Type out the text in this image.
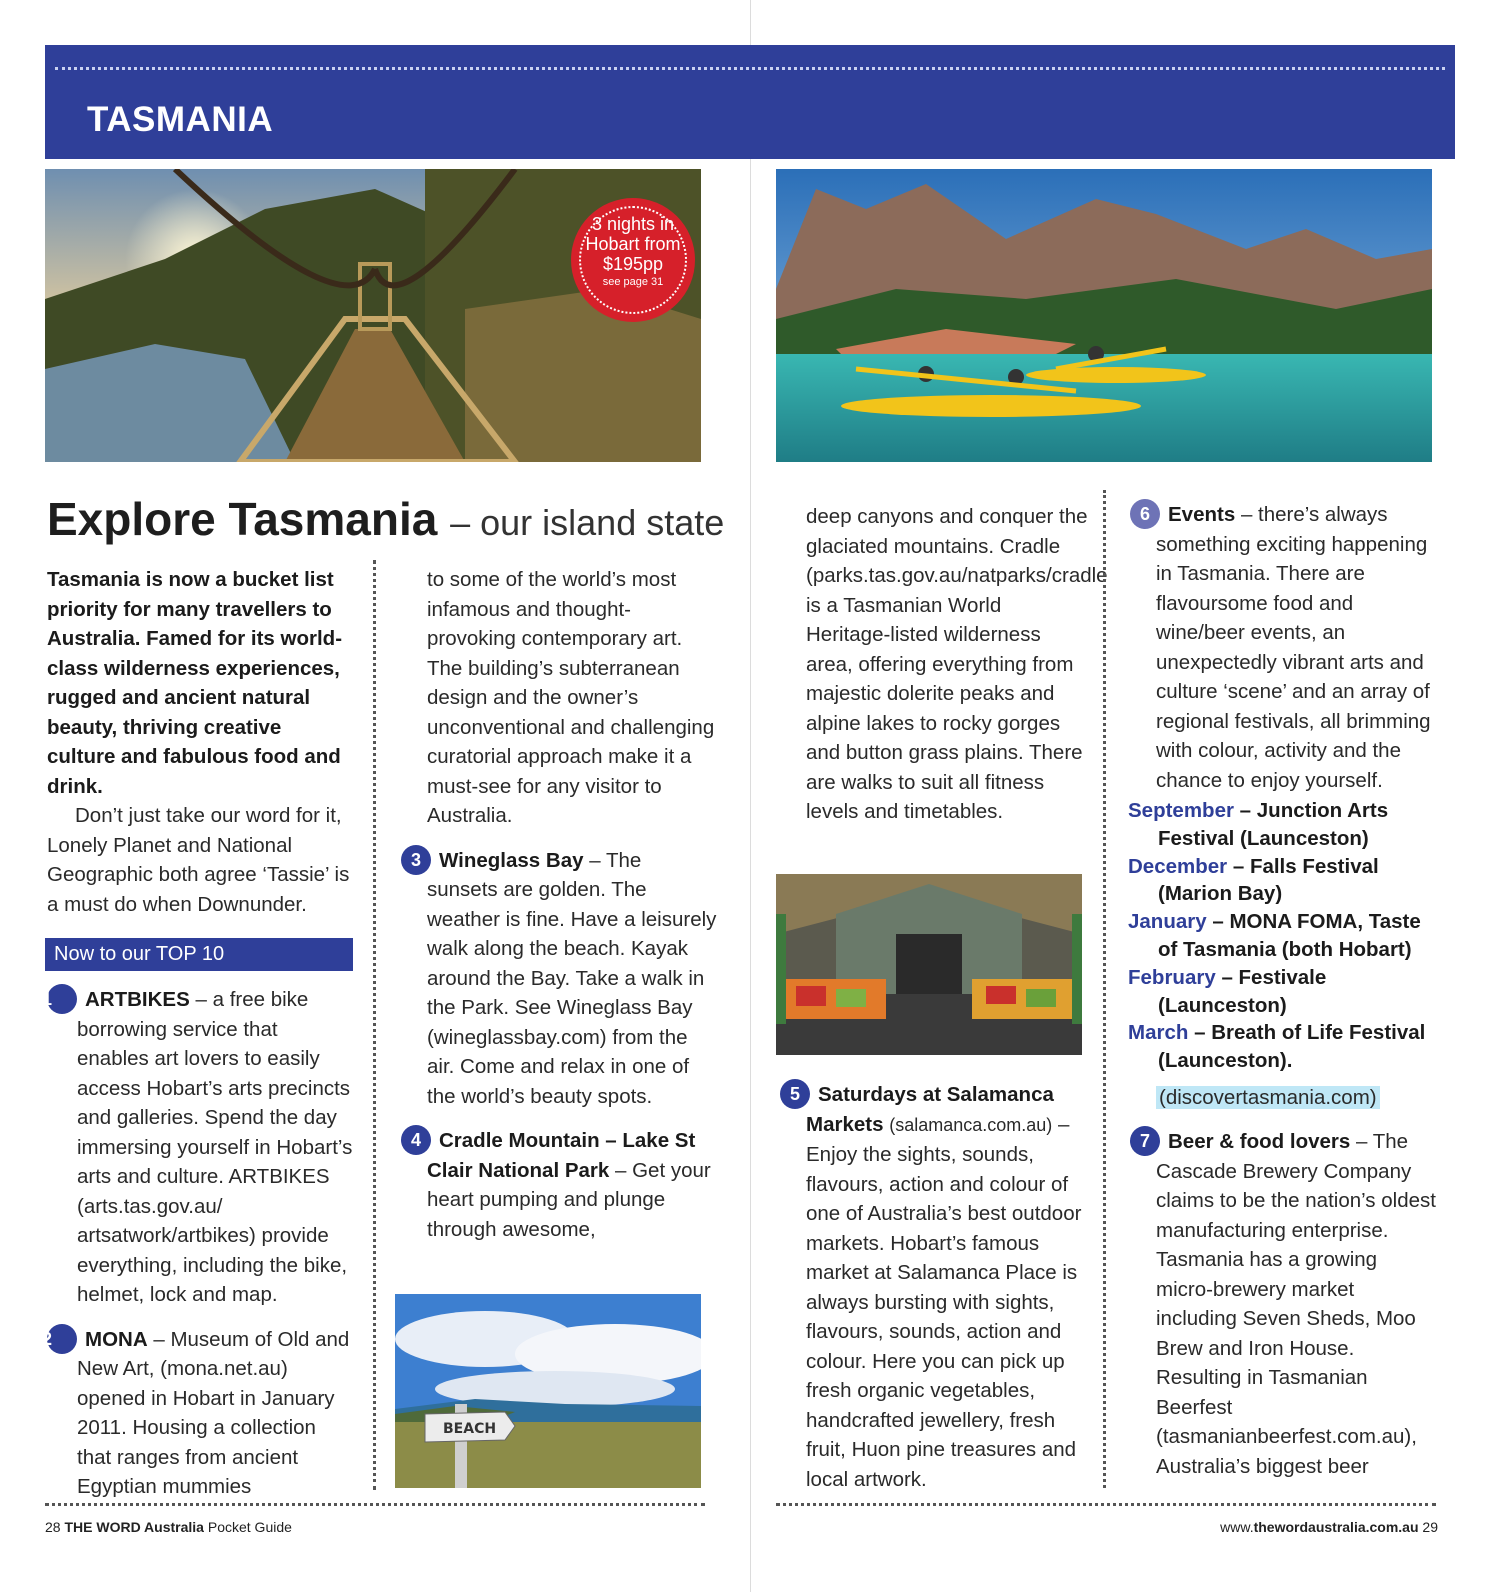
TASMANIA
3 nights in
Hobart from
$195pp
see page 31
Explore Tasmania – our island state

Tasmania is now a bucket list priority for many travellers to Australia. Famed for its world-class wilderness experiences, rugged and ancient natural beauty, thriving creative culture and fabulous food and drink.

Don’t just take our word for it, Lonely Planet and National Geographic both agree ‘Tassie’ is a must do when Downunder.

Now to our TOP 10
1 ARTBIKES – a free bike borrowing service that enables art lovers to easily access Hobart’s arts precincts and galleries. Spend the day immersing yourself in Hobart’s arts and culture. ARTBIKES (arts.tas.gov.au/ artsatwork/artbikes) provide everything, including the bike, helmet, lock and map.
2 MONA – Museum of Old and New Art, (mona.net.au) opened in Hobart in January 2011. Housing a collection that ranges from ancient Egyptian mummies

to some of the world’s most infamous and thought-provoking contemporary art. The building’s subterranean design and the owner’s unconventional and challenging curatorial approach make it a must-see for any visitor to Australia.

3 Wineglass Bay – The sunsets are golden. The weather is fine. Have a leisurely walk along the beach. Kayak around the Bay. Take a walk in the Park. See Wineglass Bay (wineglassbay.com) from the air. Come and relax in one of the world’s beauty spots.
4 Cradle Mountain – Lake St Clair National Park – Get your heart pumping and plunge through awesome,
BEACH

deep canyons and conquer the glaciated mountains. Cradle (parks.tas.gov.au/natparks/cradle is a Tasmanian World Heritage-listed wilderness area, offering everything from majestic dolerite peaks and alpine lakes to rocky gorges and button grass plains. There are walks to suit all fitness levels and timetables.

5 Saturdays at Salamanca Markets (salamanca.com.au) – Enjoy the sights, sounds, flavours, action and colour of one of Australia’s best outdoor markets. Hobart’s famous market at Salamanca Place is always bursting with sights, flavours, sounds, action and colour. Here you can pick up fresh organic vegetables, handcrafted jewellery, fresh fruit, Huon pine treasures and local artwork.
6 Events – there’s always something exciting happening in Tasmania. There are flavoursome food and wine/beer events, an unexpectedly vibrant arts and culture ‘scene’ and an array of regional festivals, all brimming with colour, activity and the chance to enjoy yourself.
September – Junction Arts Festival (Launceston)
December – Falls Festival (Marion Bay)
January – MONA FOMA, Taste of Tasmania (both Hobart)
February – Festivale (Launceston)
March – Breath of Life Festival (Launceston).
(discovertasmania.com)
7 Beer & food lovers – The Cascade Brewery Company claims to be the nation’s oldest manufacturing enterprise. Tasmania has a growing micro-brewery market including Seven Sheds, Moo Brew and Iron House. Resulting in Tasmanian Beerfest (tasmanianbeerfest.com.au), Australia’s biggest beer
28 THE WORD Australia Pocket Guide	www.thewordaustralia.com.au 29
